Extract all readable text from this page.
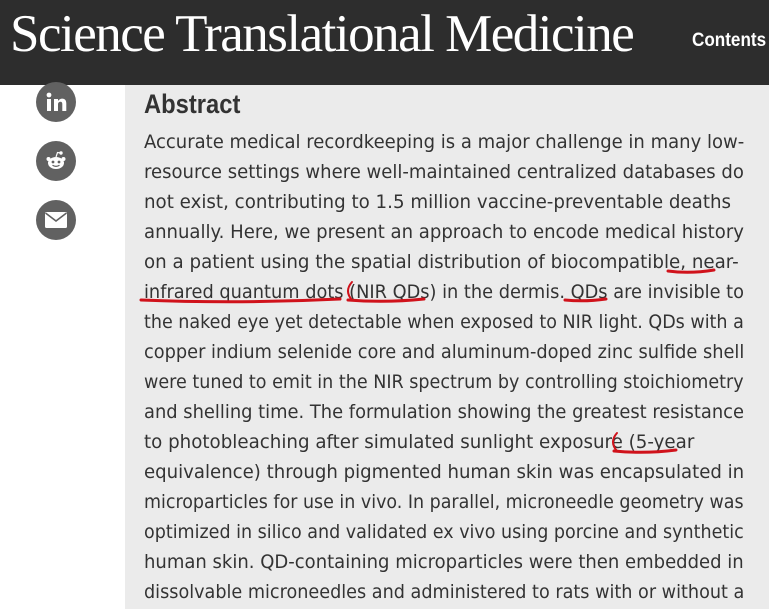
Science Translational Medicine	Contents
Abstract
Accurate medical recordkeeping is a major challenge in many low-
resource settings where well-maintained centralized databases do
not exist, contributing to 1.5 million vaccine-preventable deaths
annually. Here, we present an approach to encode medical history
on a patient using the spatial distribution of biocompatible, near-
infrared quantum dots (NIR QDs) in the dermis. QDs are invisible to
the naked eye yet detectable when exposed to NIR light. QDs with a
copper indium selenide core and aluminum-doped zinc sulfide shell
were tuned to emit in the NIR spectrum by controlling stoichiometry
and shelling time. The formulation showing the greatest resistance
to photobleaching after simulated sunlight exposure (5-year
equivalence) through pigmented human skin was encapsulated in
microparticles for use in vivo. In parallel, microneedle geometry was
optimized in silico and validated ex vivo using porcine and synthetic
human skin. QD-containing microparticles were then embedded in
dissolvable microneedles and administered to rats with or without a
